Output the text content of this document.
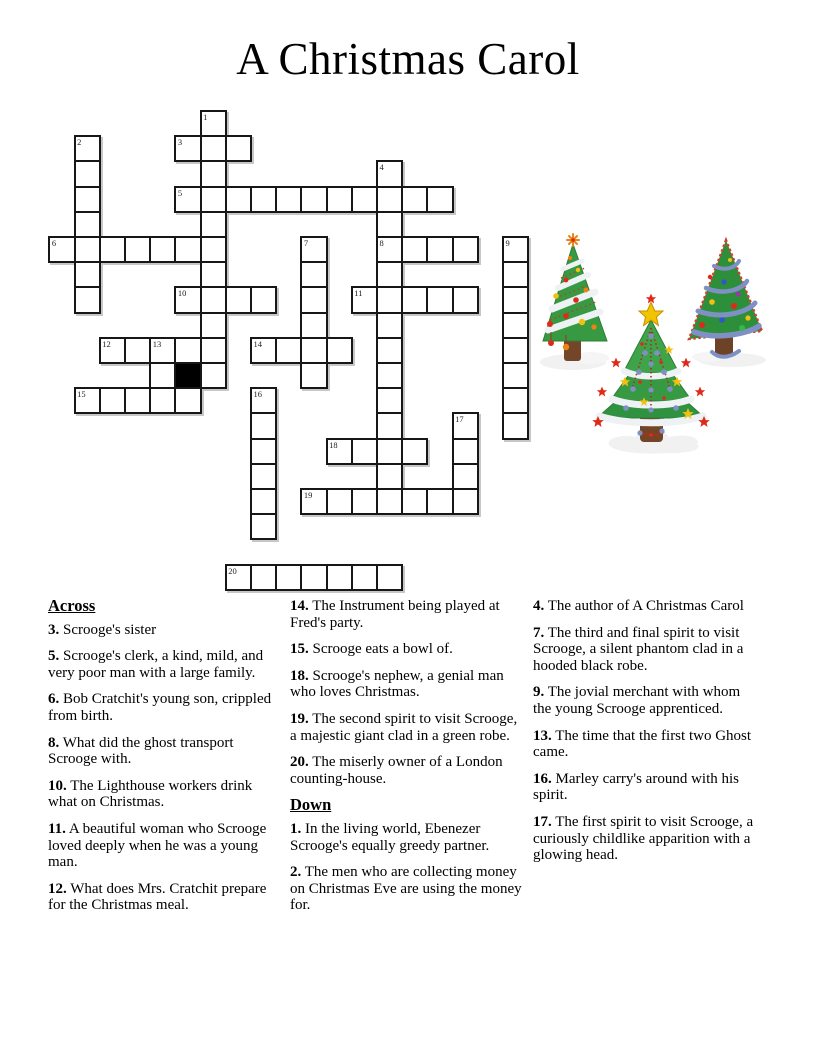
A Christmas Carol
1
2	3
4
5
6	7	8	9
10	11
12	13	14
15	16
17
18
19
20
Across
3. Scrooge's sister
5. Scrooge's clerk, a kind, mild, and very poor man with a large family.
6. Bob Cratchit's young son, crippled from birth.
8. What did the ghost transport Scrooge with.
10. The Lighthouse workers drink what on Christmas.
11. A beautiful woman who Scrooge loved deeply when he was a young man.
12. What does Mrs. Cratchit prepare for the Christmas meal.
14. The Instrument being played at Fred's party.
15. Scrooge eats a bowl of.
18. Scrooge's nephew, a genial man who loves Christmas.
19. The second spirit to visit Scrooge, a majestic giant clad in a green robe.
20. The miserly owner of a London counting-house.
Down
1. In the living world, Ebenezer Scrooge's equally greedy partner.
2. The men who are collecting money on Christmas Eve are using the money for.
4. The author of A Christmas Carol
7. The third and final spirit to visit Scrooge, a silent phantom clad in a hooded black robe.
9. The jovial merchant with whom the young Scrooge apprenticed.
13. The time that the first two Ghost came.
16. Marley carry's around with his spirit.
17. The first spirit to visit Scrooge, a curiously childlike apparition with a glowing head.
